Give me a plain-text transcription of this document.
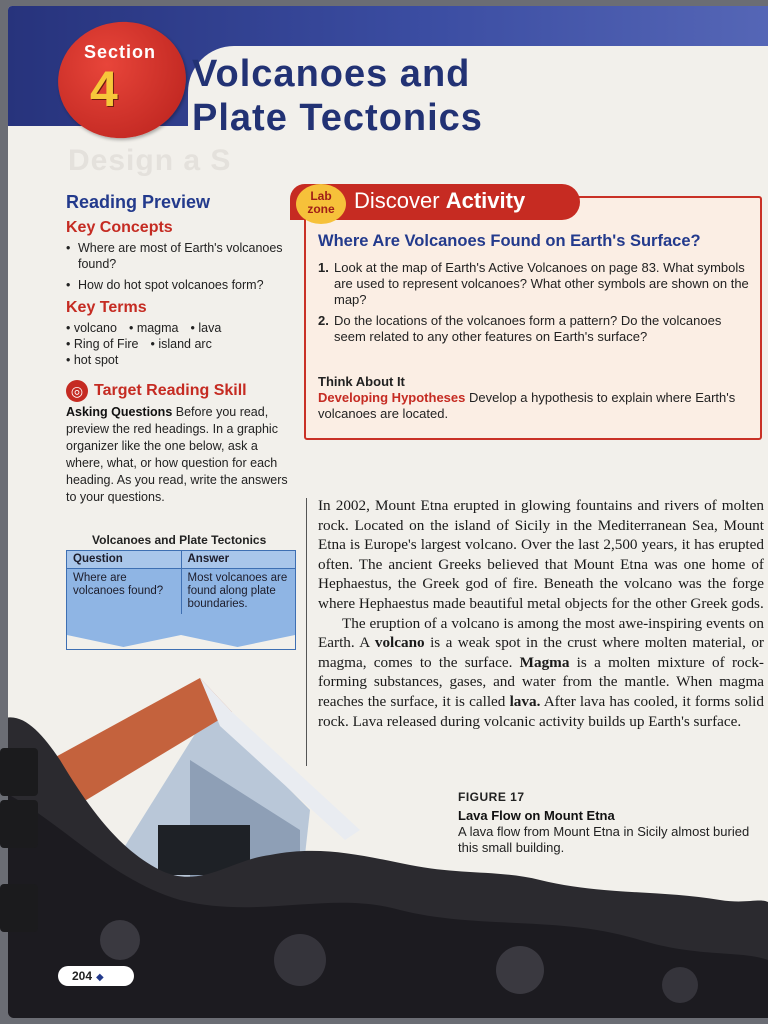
Design a S
204 ◆
Section
4 Volcanoes and
Plate Tectonics
Reading Preview
Key Concepts
• Where are most of Earth's volcanoes found?
• How do hot spot volcanoes form?
Key Terms
• volcano • magma • lava
• Ring of Fire • island arc
• hot spot
◎ Target Reading Skill
Asking Questions Before you read, preview the red headings. In a graphic organizer like the one below, ask a where, what, or how question for each heading. As you read, write the answers to your questions.
Volcanoes and Plate Tectonics
Question	Answer
Where are volcanoes found?	Most volcanoes are found along plate boundaries.
Lab
zone Discover Activity
Where Are Volcanoes Found on Earth's Surface?
1. Look at the map of Earth's Active Volcanoes on page 83. What symbols are used to represent volcanoes? What other symbols are shown on the map?
2. Do the locations of the volcanoes form a pattern? Do the volcanoes seem related to any other features on Earth's surface?
Think About It
Developing Hypotheses Develop a hypothesis to explain where Earth's volcanoes are located.

In 2002, Mount Etna erupted in glowing fountains and rivers of molten rock. Located on the island of Sicily in the Mediterranean Sea, Mount Etna is Europe's largest volcano. Over the last 2,500 years, it has erupted often. The ancient Greeks believed that Mount Etna was one home of Hephaestus, the Greek god of fire. Beneath the volcano was the forge where Hephaestus made beautiful metal objects for the other Greek gods.

The eruption of a volcano is among the most awe-inspiring events on Earth. A volcano is a weak spot in the crust where molten material, or magma, comes to the surface. Magma is a molten mixture of rock-forming substances, gases, and water from the mantle. When magma reaches the surface, it is called lava. After lava has cooled, it forms solid rock. Lava released during volcanic activity builds up Earth's surface.

FIGURE 17
Lava Flow on Mount Etna
A lava flow from Mount Etna in Sicily almost buried this small building.
